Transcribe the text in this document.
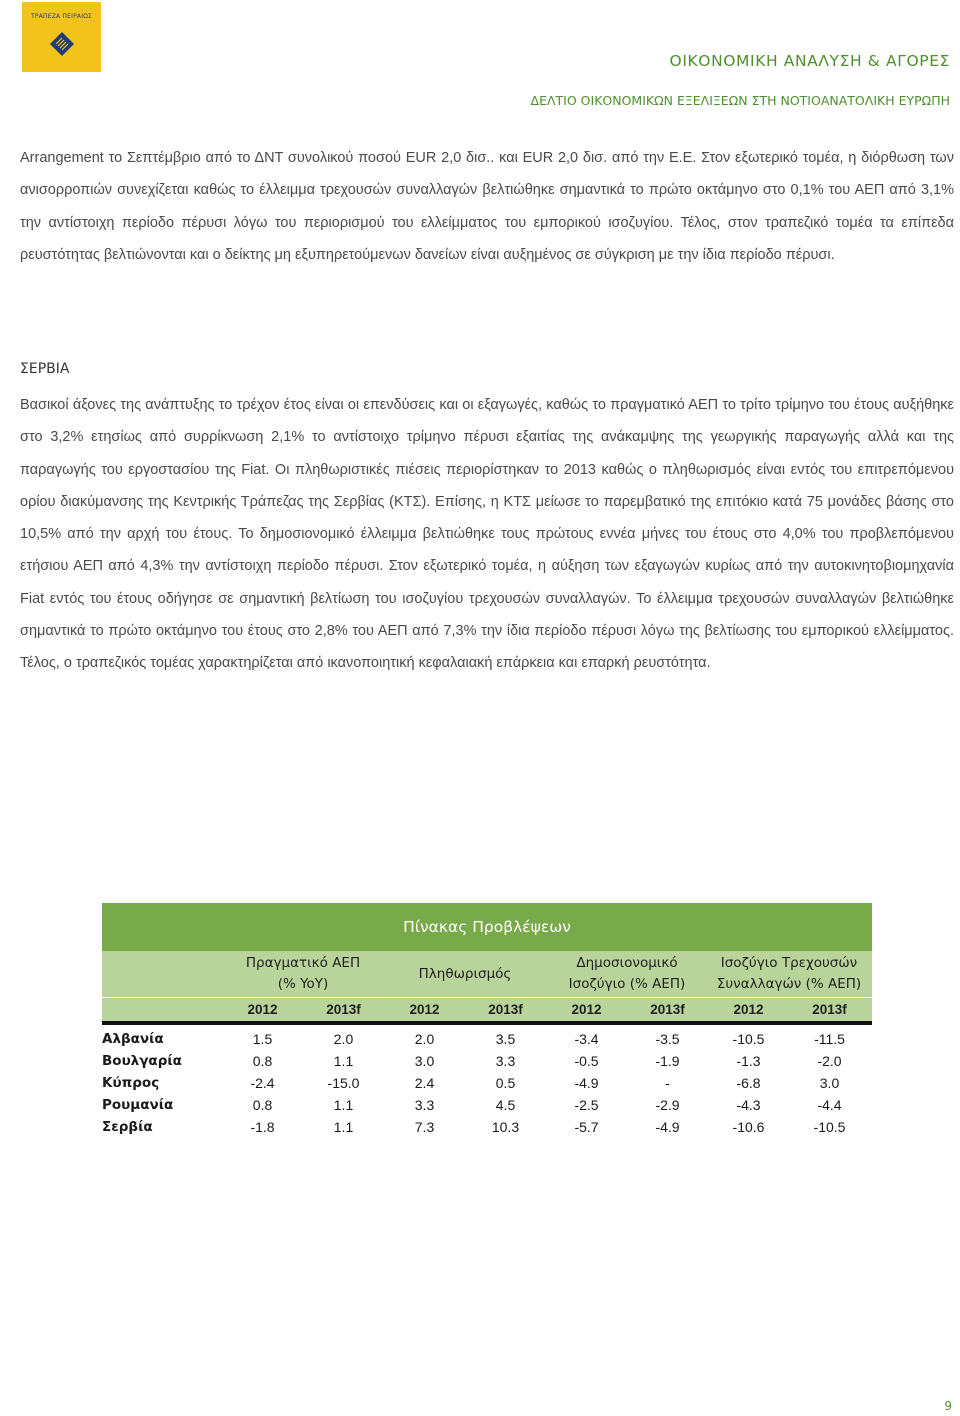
ΤΡΑΠΕΖΑ ΠΕΙΡΑΙΩΣ
ΟΙΚΟΝΟΜΙΚΗ ΑΝΑΛΥΣΗ & ΑΓΟΡΕΣ
ΔΕΛΤΙΟ ΟΙΚΟΝΟΜΙΚΩΝ ΕΞΕΛΙΞΕΩΝ ΣΤΗ ΝΟΤΙΟΑΝΑΤΟΛΙΚΗ ΕΥΡΩΠΗ

Arrangement το Σεπτέμβριο από το ΔΝΤ συνολικού ποσού EUR 2,0 δισ.. και EUR 2,0 δισ. από την Ε.Ε. Στον εξωτερικό τομέα, η διόρθωση των ανισορροπιών συνεχίζεται καθώς το έλλειμμα τρεχουσών συναλλαγών βελτιώθηκε σημαντικά το πρώτο οκτάμηνο στο 0,1% του ΑΕΠ από 3,1% την αντίστοιχη περίοδο πέρυσι λόγω του περιορισμού του ελλείμματος του εμπορικού ισοζυγίου. Τέλος, στον τραπεζικό τομέα τα επίπεδα ρευστότητας βελτιώνονται και ο δείκτης μη εξυπηρετούμενων δανείων είναι αυξημένος σε σύγκριση με την ίδια περίοδο πέρυσι.

ΣΕΡΒΙΑ

Βασικοί άξονες της ανάπτυξης το τρέχον έτος είναι οι επενδύσεις και οι εξαγωγές, καθώς το πραγματικό ΑΕΠ το τρίτο τρίμηνο του έτους αυξήθηκε στο 3,2% ετησίως από συρρίκνωση 2,1% το αντίστοιχο τρίμηνο πέρυσι εξαιτίας της ανάκαμψης της γεωργικής παραγωγής αλλά και της παραγωγής του εργοστασίου της Fiat. Οι πληθωριστικές πιέσεις περιορίστηκαν το 2013 καθώς ο πληθωρισμός είναι εντός του επιτρεπόμενου ορίου διακύμανσης της Κεντρικής Τράπεζας της Σερβίας (ΚΤΣ). Επίσης, η ΚΤΣ μείωσε το παρεμβατικό της επιτόκιο κατά 75 μονάδες βάσης στο 10,5% από την αρχή του έτους. Το δημοσιονομικό έλλειμμα βελτιώθηκε τους πρώτους εννέα μήνες του έτους στο 4,0% του προβλεπόμενου ετήσιου ΑΕΠ από 4,3% την αντίστοιχη περίοδο πέρυσι. Στον εξωτερικό τομέα, η αύξηση των εξαγωγών κυρίως από την αυτοκινητοβιομηχανία Fiat εντός του έτους οδήγησε σε σημαντική βελτίωση του ισοζυγίου τρεχουσών συναλλαγών. Το έλλειμμα τρεχουσών συναλλαγών βελτιώθηκε σημαντικά το πρώτο οκτάμηνο του έτους στο 2,8% του ΑΕΠ από 7,3% την ίδια περίοδο πέρυσι λόγω της βελτίωσης του εμπορικού ελλείμματος. Τέλος, ο τραπεζικός τομέας χαρακτηρίζεται από ικανοποιητική κεφαλαιακή επάρκεια και επαρκή ρευστότητα.

Πίνακας Προβλέψεων
Πραγματικό ΑΕΠ
(% YoY)
Πληθωρισμός
Δημοσιονομικό
Ισοζύγιο (% ΑΕΠ)
Ισοζύγιο Τρεχουσών
Συναλλαγών (% ΑΕΠ)
2012	2013f	2012	2013f	2012	2013f	2012	2013f
Αλβανία	1.5	2.0	2.0	3.5	-3.4	-3.5	-10.5	-11.5
Βουλγαρία	0.8	1.1	3.0	3.3	-0.5	-1.9	-1.3	-2.0
Κύπρος	-2.4	-15.0	2.4	0.5	-4.9	-	-6.8	3.0
Ρουμανία	0.8	1.1	3.3	4.5	-2.5	-2.9	-4.3	-4.4
Σερβία	-1.8	1.1	7.3	10.3	-5.7	-4.9	-10.6	-10.5
9
